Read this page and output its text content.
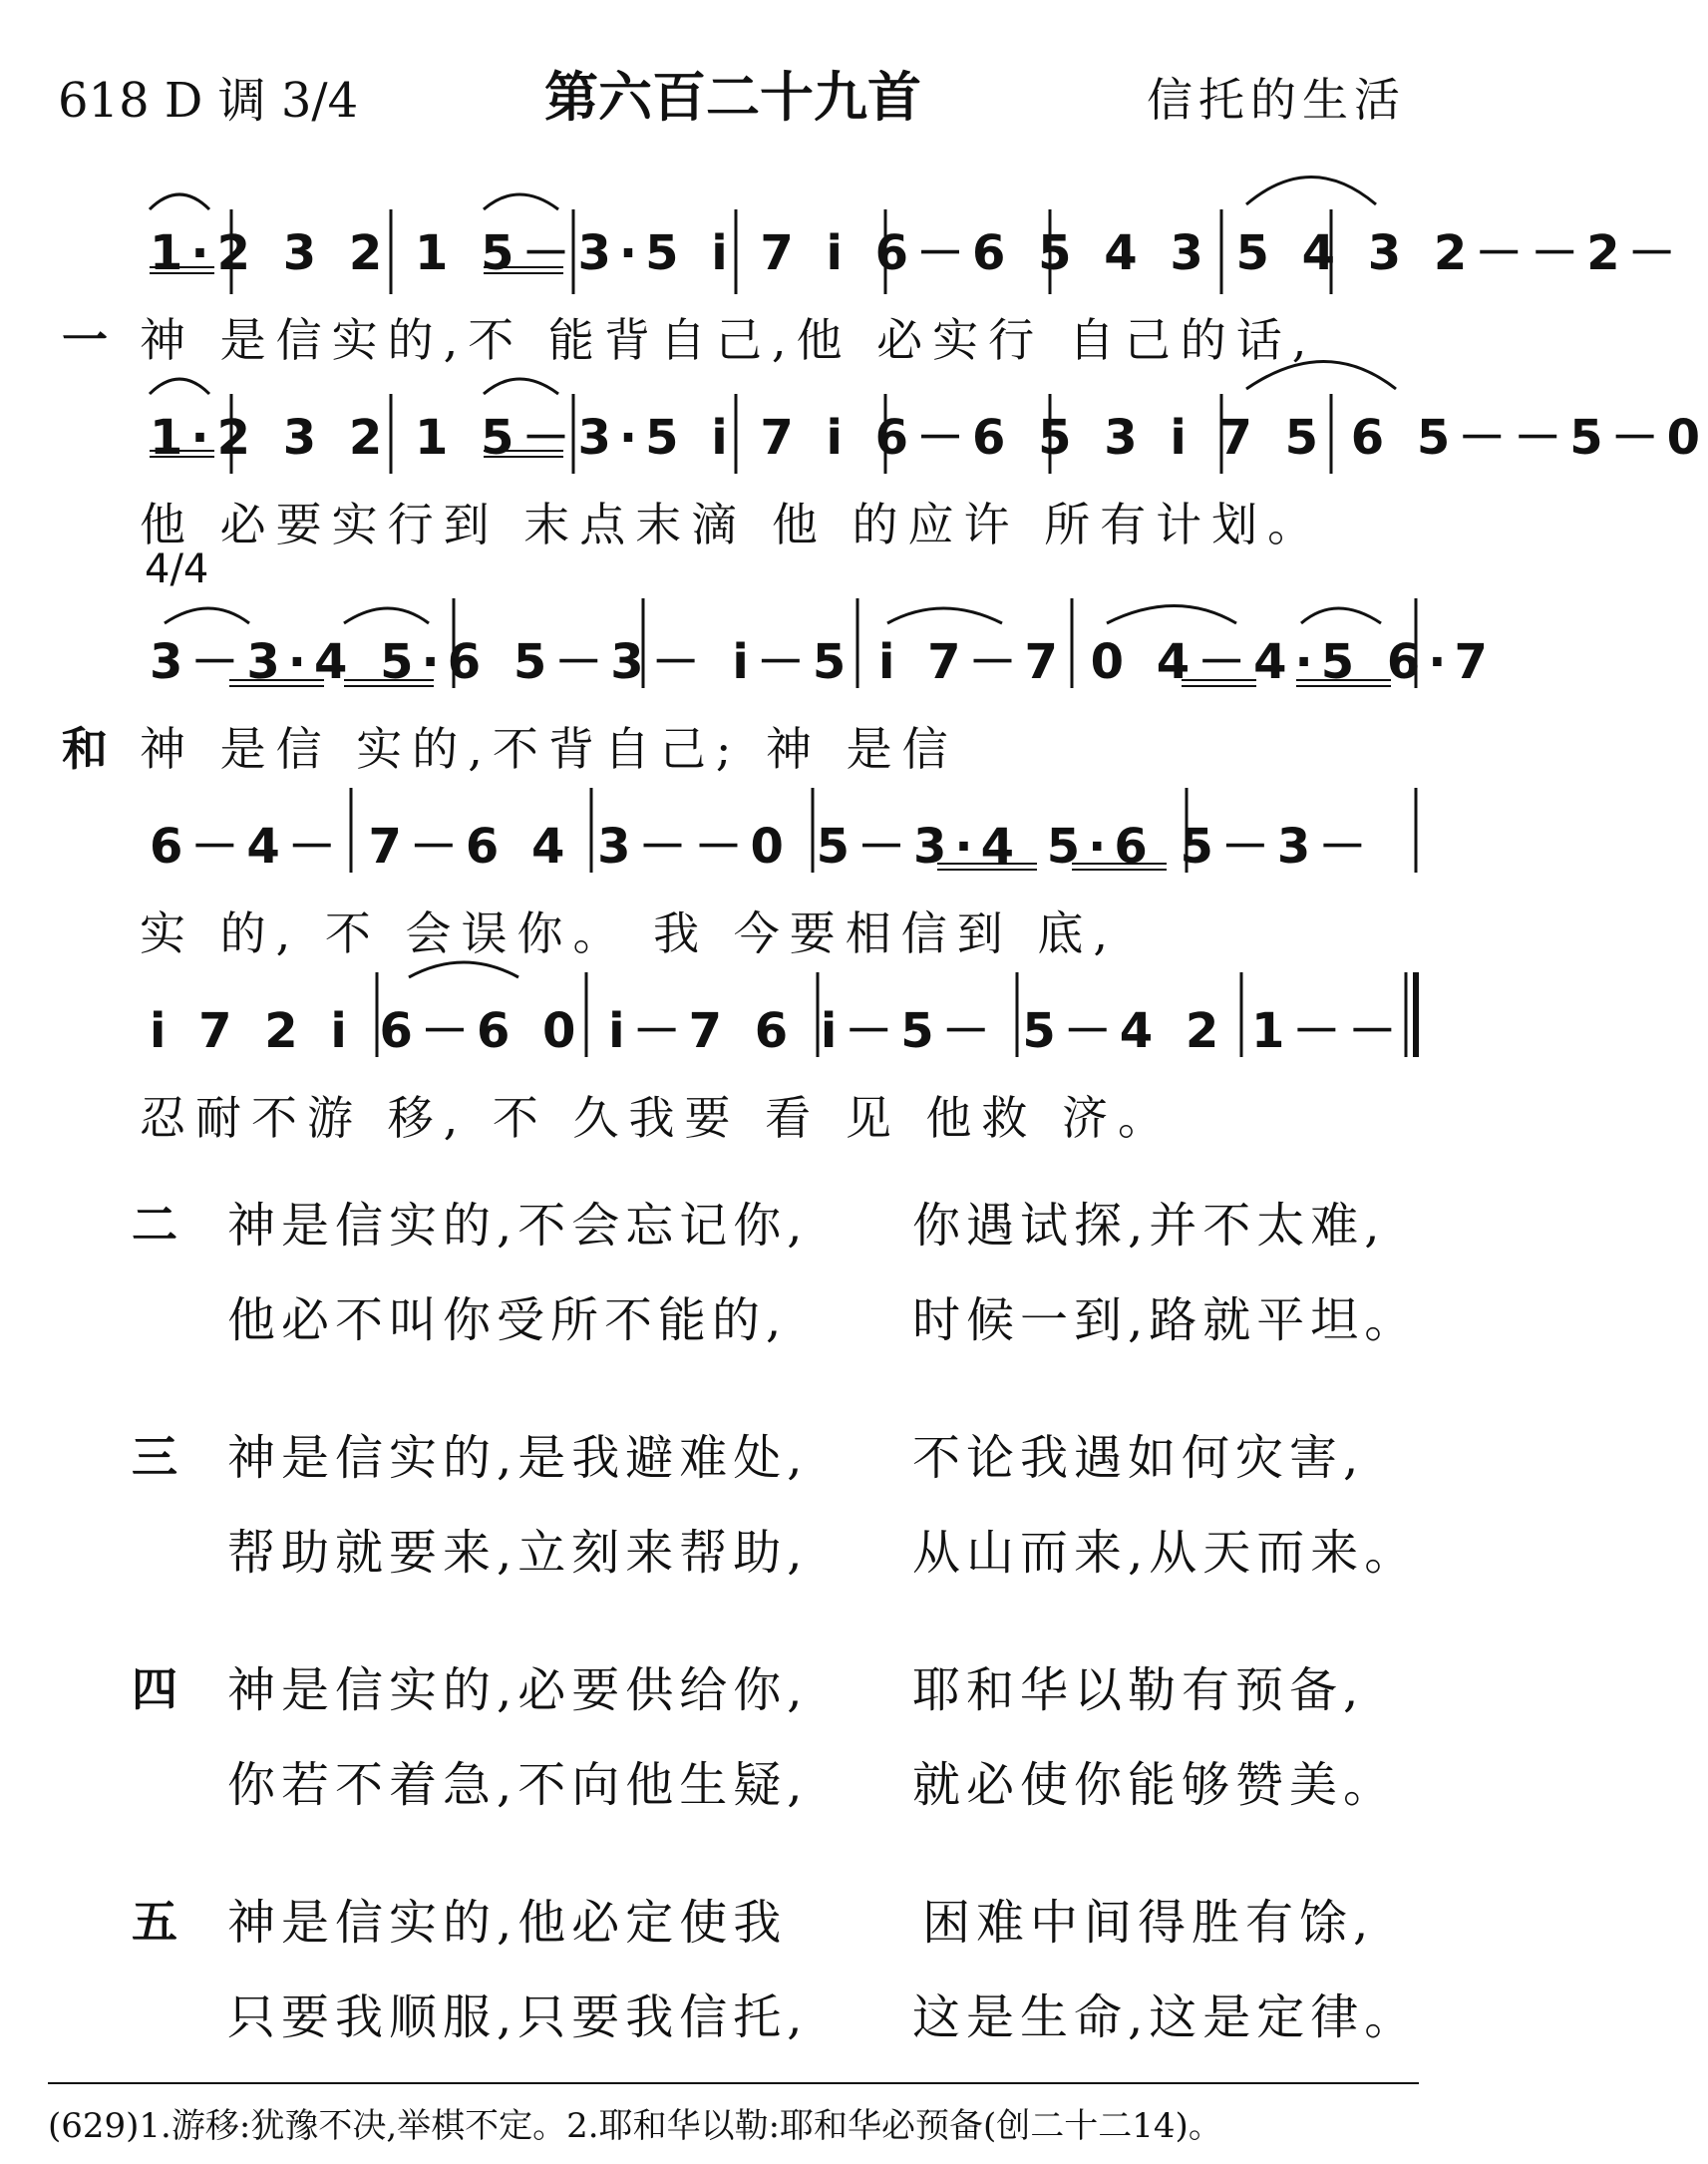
618 D 调 3/4	第六百二十九首	信托的生活
1·2 3 2 1 5－3·5 i 7 i 6－6 5 4 3 5 4 3 2－－2－
一 神 是信实的,不 能背自己,他 必实行 自己的话,
1·2 3 2 1 5－3·5 i 7 i 6－6 5 3 i 7 5 6 5－－5－0
他 必要实行到 末点末滴 他 的应许 所有计划。
4/4
3－3·4 5·6 5－3－ i－5 i 7－7 0 4－4·5 6·7
和 神 是信 实的,不背自己; 神 是信
6－4－ 7－6 4 3－－0 5－3·4 5·6 5－3－
实 的, 不 会误你。 我 今要相信到 底,
i 7 2 i 6－6 0 i－7 6 i－5－ 5－4 2 1－－
忍耐不游 移, 不 久我要 看 见 他救 济。
二 神是信实的,不会忘记你, 你遇试探,并不太难,
他必不叫你受所不能的,	时候一到,路就平坦。
三 神是信实的,是我避难处, 不论我遇如何灾害,
帮助就要来,立刻来帮助, 从山而来,从天而来。
四 神是信实的,必要供给你, 耶和华以勒有预备,
你若不着急,不向他生疑, 就必使你能够赞美。
五 神是信实的,他必定使我	困难中间得胜有馀,
只要我顺服,只要我信托, 这是生命,这是定律。
(629)1.游移:犹豫不决,举棋不定。2.耶和华以勒:耶和华必预备(创二十二14)。
